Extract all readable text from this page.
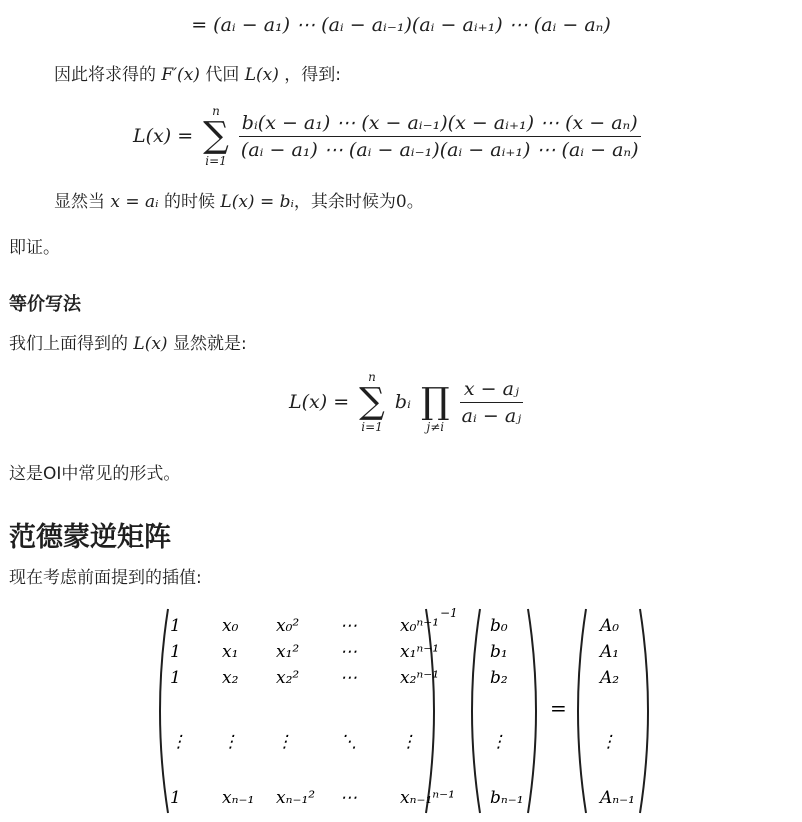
= (aᵢ − a₁) ⋯ (aᵢ − aᵢ₋₁)(aᵢ − aᵢ₊₁) ⋯ (aᵢ − aₙ)
因此将求得的 F′(x) 代回 L(x) ，得到:
L(x) =
n
∑
i=1

$\frac{\text{bᵢ(x − a₁) ⋯ (x − aᵢ₋₁)(x − aᵢ₊₁) ⋯ (x − aₙ)}}{\text{(aᵢ − a₁) ⋯ (aᵢ − aᵢ₋₁)(aᵢ − aᵢ₊₁) ⋯ (aᵢ − aₙ)}}$
显然当 x = aᵢ 的时候 L(x) = bᵢ，其余时候为0。
即证。
等价写法
我们上面得到的 L(x) 显然就是:
L(x) =
n
∑
i=1
bᵢ
∏
j≠i

$\frac{\text{x − aⱼ}}{\text{aᵢ − aⱼ}}$
这是OI中常见的形式。
范德蒙逆矩阵
现在考虑前面提到的插值:
−1
1 x₀ x₀² ⋯	x₀ⁿ⁻¹
1 x₁ x₁² ⋯	x₁ⁿ⁻¹
1 x₂ x₂² ⋯	x₂ⁿ⁻¹
⋮ ⋮ ⋮	⋱	⋮
1 xₙ₋₁ xₙ₋₁² ⋯	xₙ₋₁ⁿ⁻¹
b₀
b₁
b₂
⋮
bₙ₋₁
=
A₀
A₁
A₂
⋮
Aₙ₋₁
